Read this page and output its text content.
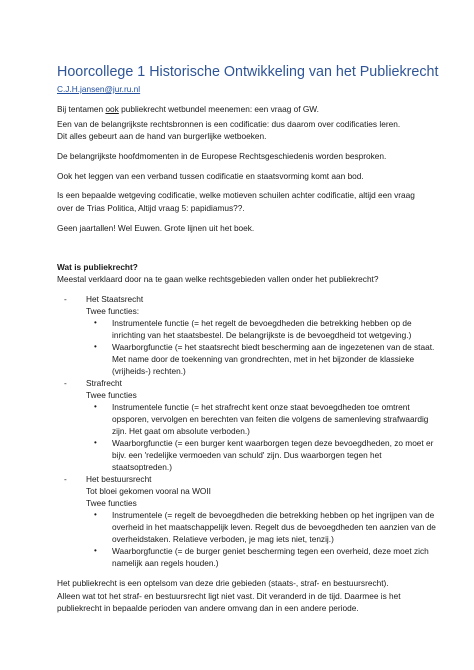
Hoorcollege 1 Historische Ontwikkeling van het Publiekrecht
C.J.H.jansen@jur.ru.nl

Bij tentamen ook publiekrecht wetbundel meenemen: een vraag of GW.

Een van de belangrijkste rechtsbronnen is een codificatie: dus daarom over codificaties leren.

Dit alles gebeurt aan de hand van burgerlijke wetboeken.

De belangrijkste hoofdmomenten in de Europese Rechtsgeschiedenis worden besproken.

Ook het leggen van een verband tussen codificatie en staatsvorming komt aan bod.

Is een bepaalde wetgeving codificatie, welke motieven schuilen achter codificatie, altijd een vraag

over de Trias Politica, Altijd vraag 5: papidiamus??.

Geen jaartallen! Wel Euwen. Grote lijnen uit het boek.

Wat is publiekrecht?

Meestal verklaard door na te gaan welke rechtsgebieden vallen onder het publiekrecht?

- Het Staatsrecht
Twee functies:
• Instrumentele functie (= het regelt de bevoegdheden die betrekking hebben op de
inrichting van het staatsbestel. De belangrijkste is de bevoegdheid tot wetgeving.)
• Waarborgfunctie (= het staatsrecht biedt bescherming aan de ingezetenen van de staat.
Met name door de toekenning van grondrechten, met in het bijzonder de klassieke
(vrijheids-) rechten.)
- Strafrecht
Twee functies
• Instrumentele functie (= het strafrecht kent onze staat bevoegdheden toe omtrent
opsporen, vervolgen en berechten van feiten die volgens de samenleving strafwaardig
zijn. Het gaat om absolute verboden.)
• Waarborgfunctie (= een burger kent waarborgen tegen deze bevoegdheden, zo moet er
bijv. een 'redelijke vermoeden van schuld' zijn. Dus waarborgen tegen het
staatsoptreden.)
- Het bestuursrecht
Tot bloei gekomen vooral na WOII
Twee functies
• Instrumentele (= regelt de bevoegdheden die betrekking hebben op het ingrijpen van de
overheid in het maatschappelijk leven. Regelt dus de bevoegdheden ten aanzien van de
overheidstaken. Relatieve verboden, je mag iets niet, tenzij.)
• Waarborgfunctie (= de burger geniet bescherming tegen een overheid, deze moet zich
namelijk aan regels houden.)

Het publiekrecht is een optelsom van deze drie gebieden (staats-, straf- en bestuursrecht).

Alleen wat tot het straf- en bestuursrecht ligt niet vast. Dit veranderd in de tijd. Daarmee is het

publiekrecht in bepaalde perioden van andere omvang dan in een andere periode.
